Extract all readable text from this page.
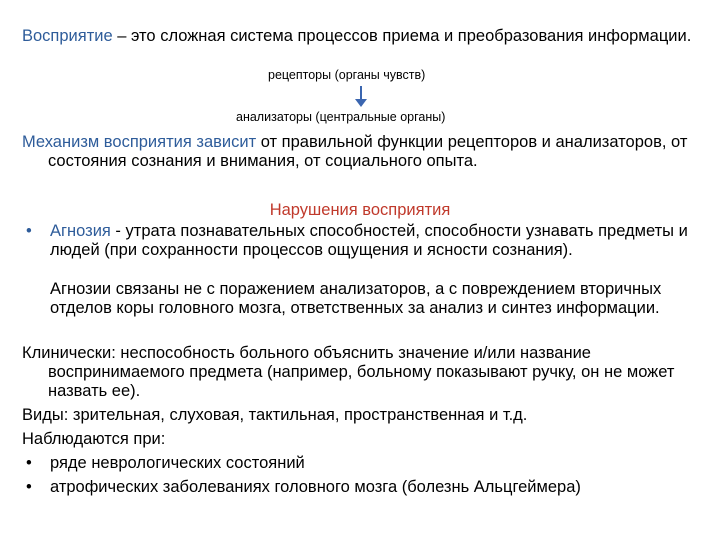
Восприятие – это сложная система процессов приема и преобразования информации.
рецепторы (органы чувств)
анализаторы (центральные органы)
Механизм восприятия зависит от правильной функции рецепторов и анализаторов, от состояния сознания и внимания, от социального опыта.
Нарушения восприятия
• Агнозия - утрата познавательных способностей, способности узнавать предметы и людей (при сохранности процессов ощущения и ясности сознания).
Агнозии связаны не с поражением анализаторов, а с повреждением вторичных отделов коры головного мозга, ответственных за анализ и синтез информации.
Клинически: неспособность больного объяснить значение и/или название воспринимаемого предмета (например, больному показывают ручку, он не может назвать ее).
Виды: зрительная, слуховая, тактильная, пространственная и т.д.
Наблюдаются при:
• ряде неврологических состояний
• атрофических заболеваниях головного мозга (болезнь Альцгеймера)
